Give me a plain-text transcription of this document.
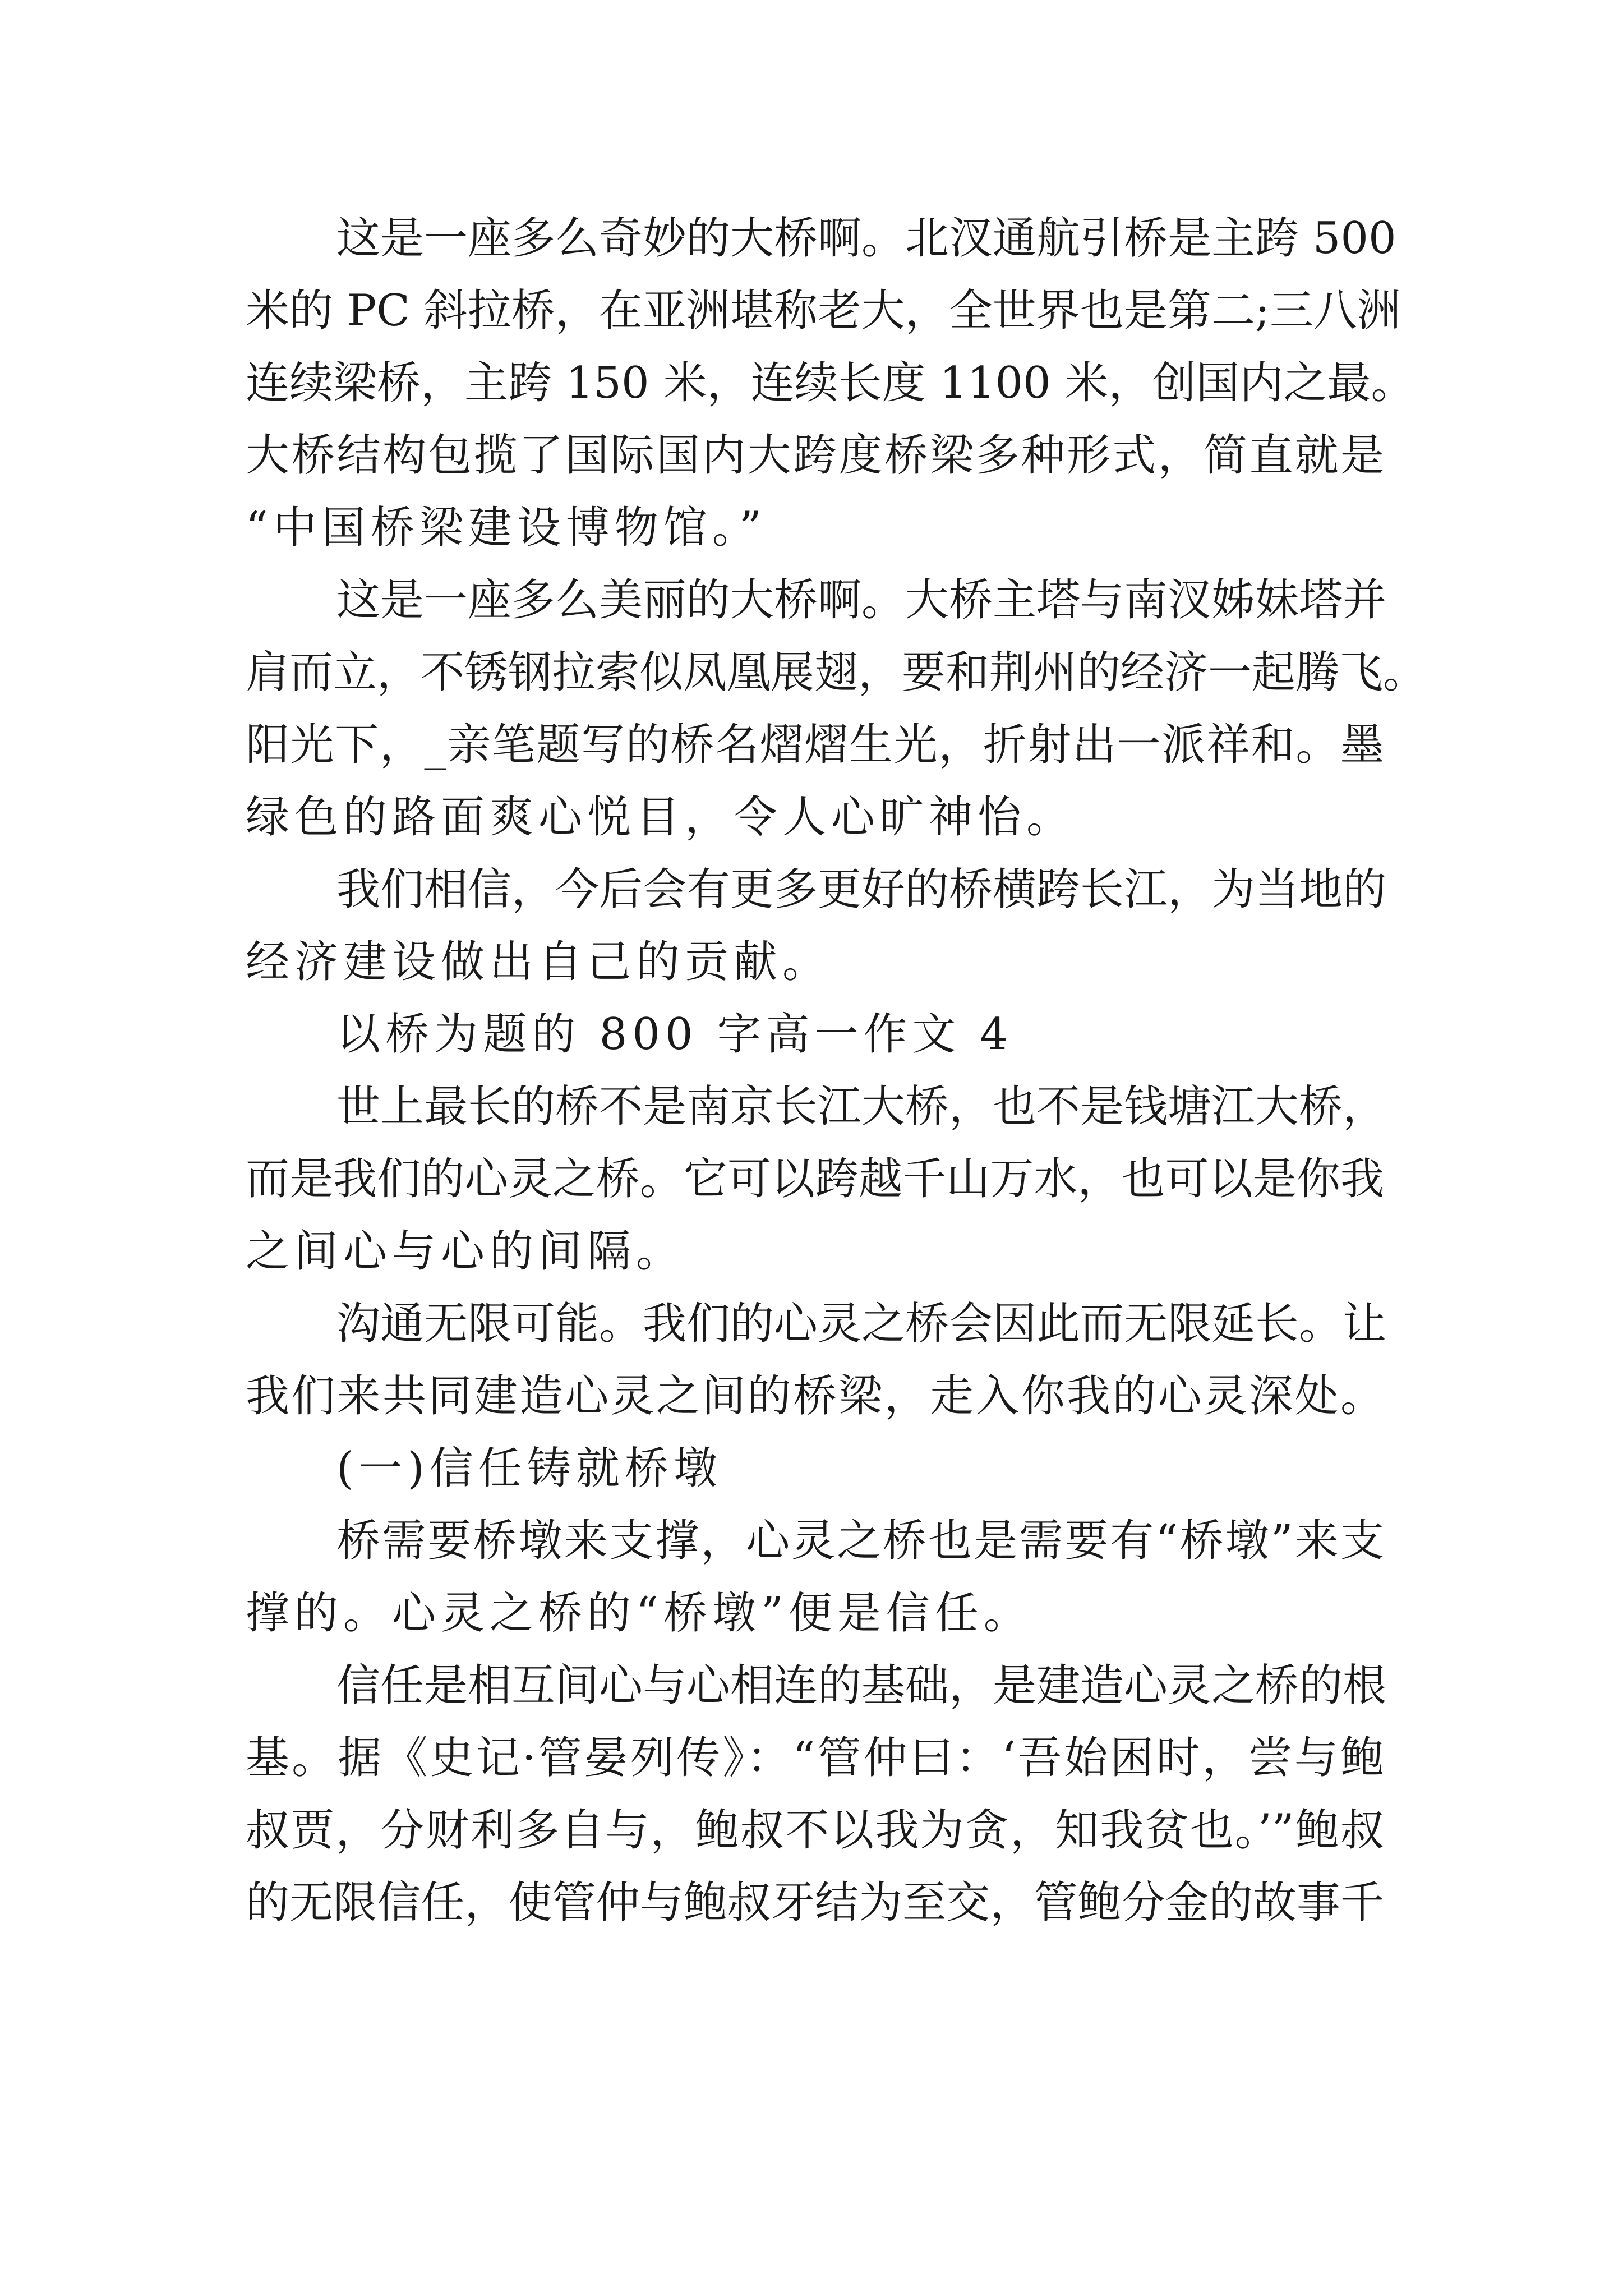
这是一座多么奇妙的大桥啊。北汊通航引桥是主跨 500
米的 PC 斜拉桥，在亚洲堪称老大，全世界也是第二;三八洲
连续梁桥，主跨 150 米，连续长度 1100 米，创国内之最。
大桥结构包揽了国际国内大跨度桥梁多种形式，简直就是
“中国桥梁建设博物馆。”
这是一座多么美丽的大桥啊。大桥主塔与南汊姊妹塔并
肩而立，不锈钢拉索似凤凰展翅，要和荆州的经济一起腾飞。
阳光下，_亲笔题写的桥名熠熠生光，折射出一派祥和。墨
绿色的路面爽心悦目，令人心旷神怡。
我们相信，今后会有更多更好的桥横跨长江，为当地的
经济建设做出自己的贡献。
以桥为题的 800 字高一作文 4
世上最长的桥不是南京长江大桥，也不是钱塘江大桥，
而是我们的心灵之桥。它可以跨越千山万水，也可以是你我
之间心与心的间隔。
沟通无限可能。我们的心灵之桥会因此而无限延长。让
我们来共同建造心灵之间的桥梁，走入你我的心灵深处。
(一)信任铸就桥墩
桥需要桥墩来支撑，心灵之桥也是需要有“桥墩”来支
撑的。心灵之桥的“桥墩”便是信任。
信任是相互间心与心相连的基础，是建造心灵之桥的根
基。据《史记·管晏列传》：“管仲曰：‘吾始困时，尝与鲍
叔贾，分财利多自与，鲍叔不以我为贪，知我贫也。’”鲍叔
的无限信任，使管仲与鲍叔牙结为至交，管鲍分金的故事千
